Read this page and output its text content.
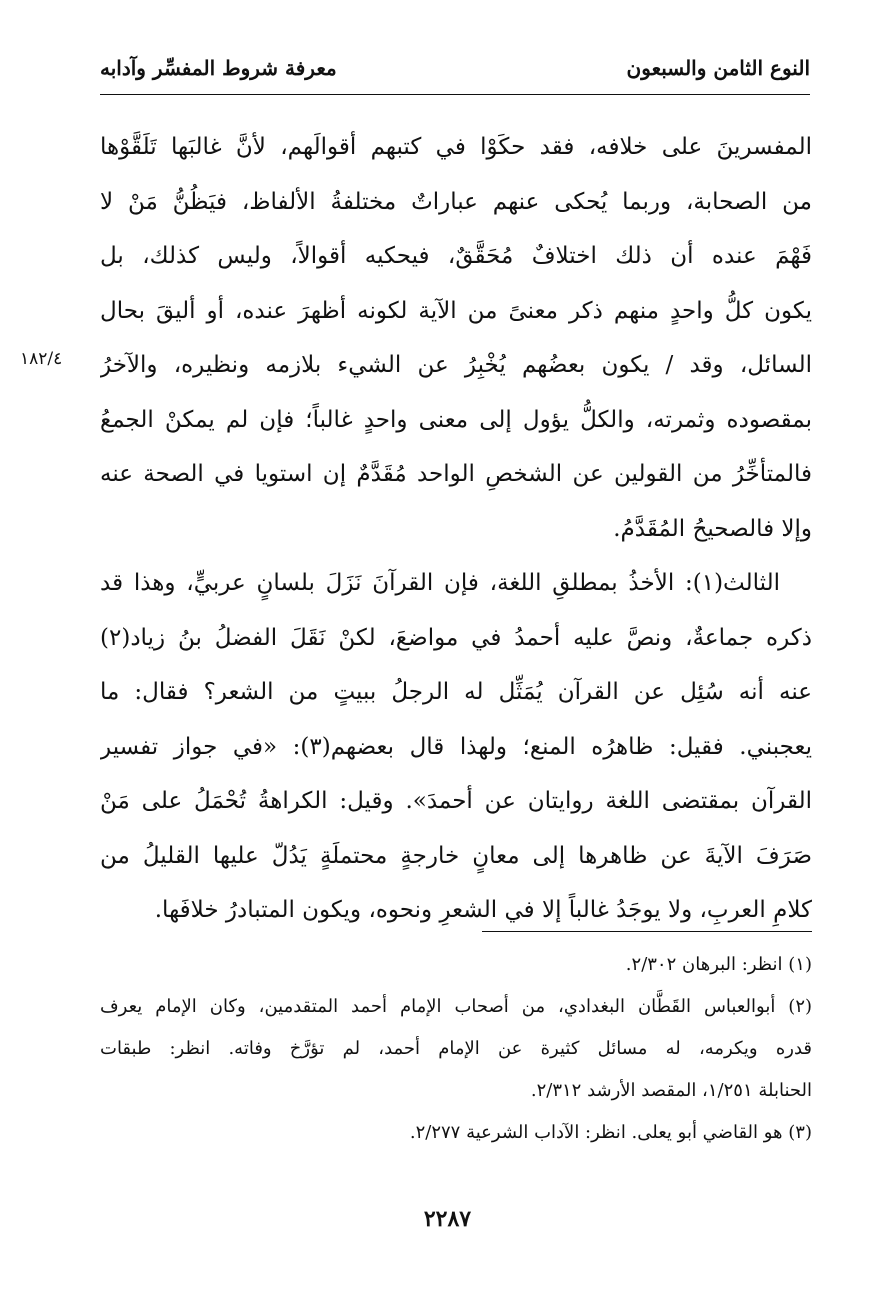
النوع الثامن والسبعون
معرفة شروط المفسِّر وآدابه
١٨٢/٤
المفسرينَ على خلافه، فقد حكَوْا في كتبهم أقوالَهم، لأنَّ غالبَها تَلَقَّوْها
من الصحابة، وربما يُحكى عنهم عباراتٌ مختلفةُ الألفاظ، فيَظُنُّ مَنْ لا
فَهْمَ عنده أن ذلك اختلافٌ مُحَقَّقٌ، فيحكيه أقوالاً، وليس كذلك، بل
يكون كلُّ واحدٍ منهم ذكر معنىً من الآية لكونه أظهرَ عنده، أو أليقَ بحال
السائل، وقد / يكون بعضُهم يُخْبِرُ عن الشيء بلازمه ونظيره، والآخرُ
بمقصوده وثمرته، والكلُّ يؤول إلى معنى واحدٍ غالباً؛ فإن لم يمكنْ الجمعُ
فالمتأخِّرُ من القولين عن الشخصِ الواحد مُقَدَّمٌ إن استويا في الصحة عنه
وإلا فالصحيحُ المُقَدَّمُ.
الثالث(١): الأخذُ بمطلقِ اللغة، فإن القرآنَ نَزَلَ بلسانٍ عربيٍّ، وهذا قد
ذكره جماعةٌ، ونصَّ عليه أحمدُ في مواضعَ، لكنْ نَقَلَ الفضلُ بنُ زياد(٢)
عنه أنه سُئِل عن القرآن يُمَثِّل له الرجلُ ببيتٍ من الشعر؟ فقال: ما
يعجبني. فقيل: ظاهرُه المنع؛ ولهذا قال بعضهم(٣): «في جواز تفسير
القرآن بمقتضى اللغة روايتان عن أحمدَ». وقيل: الكراهةُ تُحْمَلُ على مَنْ
صَرَفَ الآيةَ عن ظاهرها إلى معانٍ خارجةٍ محتملَةٍ يَدُلّ عليها القليلُ من
كلامِ العربِ، ولا يوجَدُ غالباً إلا في الشعرِ ونحوه، ويكون المتبادرُ خلافَها.
(١) انظر: البرهان ٢/٣٠٢.
(٢) أبوالعباس القَطَّان البغدادي، من أصحاب الإمام أحمد المتقدمين، وكان الإمام يعرف
قدره ويكرمه، له مسائل كثيرة عن الإمام أحمد، لم تؤرَّخ وفاته. انظر: طبقات
الحنابلة ١/٢٥١، المقصد الأرشد ٢/٣١٢.
(٣) هو القاضي أبو يعلى. انظر: الآداب الشرعية ٢/٢٧٧.
٢٢٨٧
